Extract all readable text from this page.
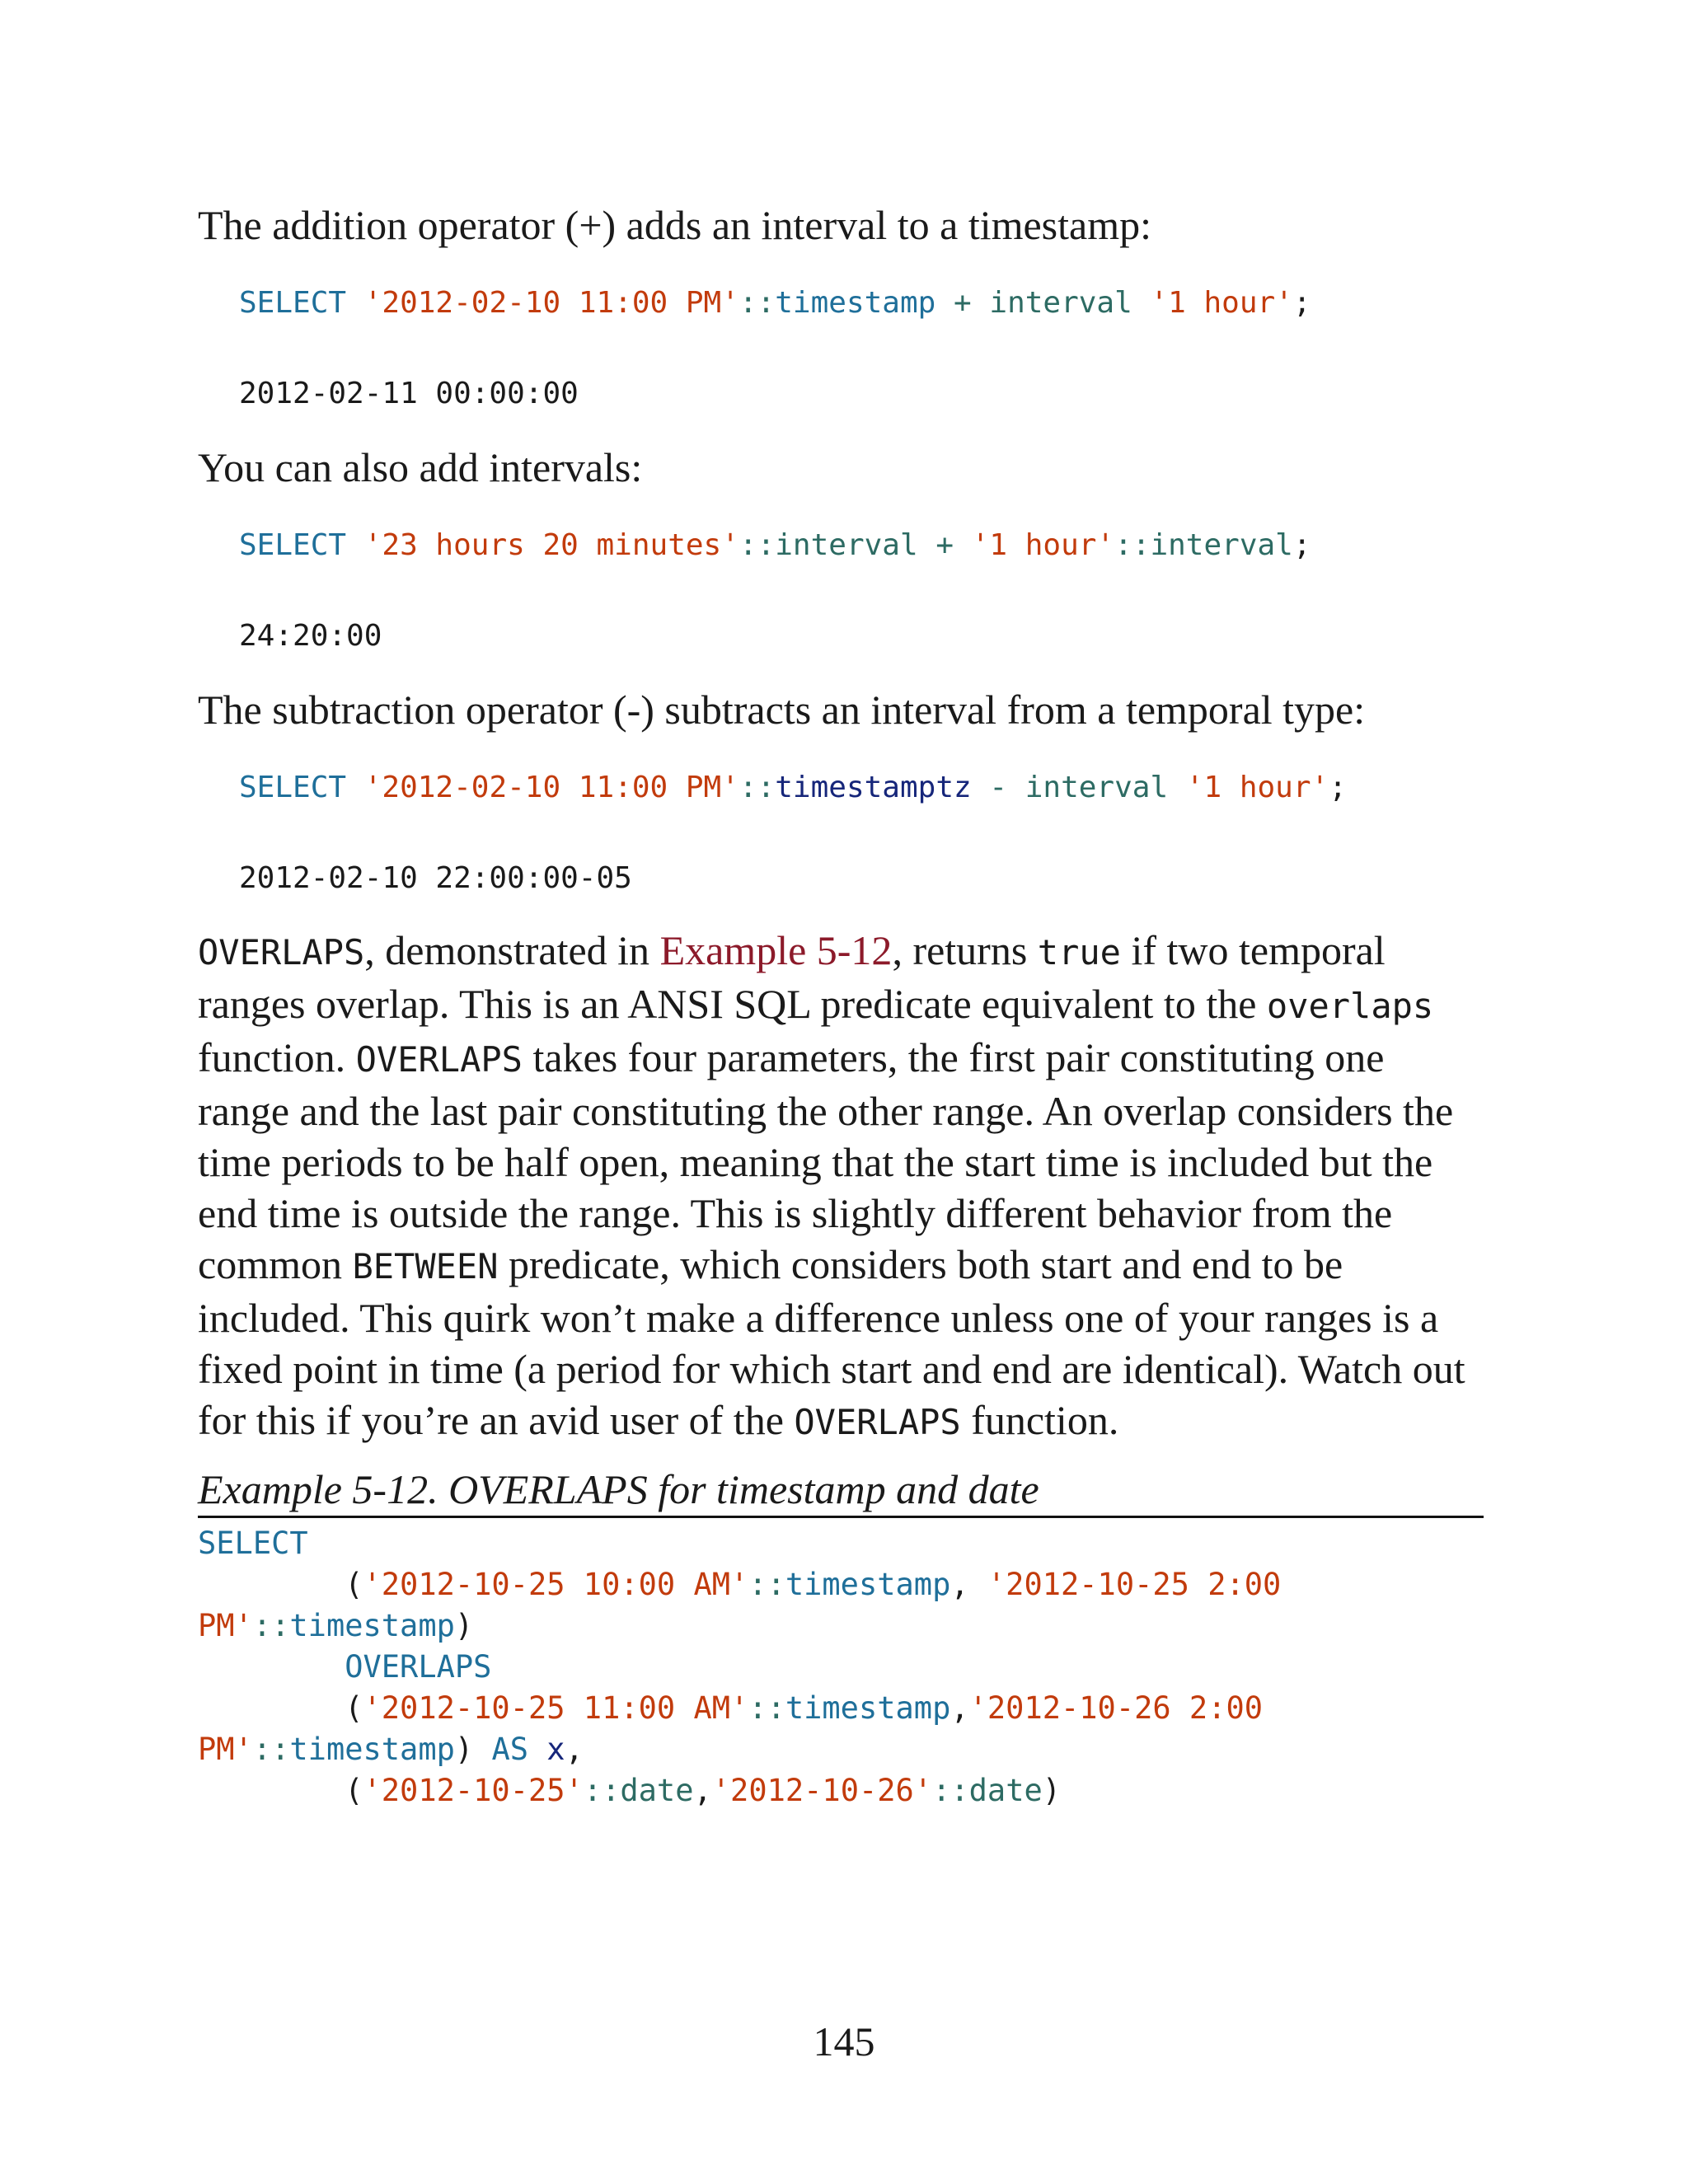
The addition operator (+) adds an interval to a timestamp:

SELECT '2012-02-10 11:00 PM'::timestamp + interval '1 hour';
2012-02-11 00:00:00

You can also add intervals:

SELECT '23 hours 20 minutes'::interval + '1 hour'::interval;
24:20:00

The subtraction operator (-) subtracts an interval from a temporal type:

SELECT '2012-02-10 11:00 PM'::timestamptz - interval '1 hour';
2012-02-10 22:00:00-05

OVERLAPS, demonstrated in Example 5-12, returns true if two temporal ranges overlap. This is an ANSI SQL predicate equivalent to the overlaps function. OVERLAPS takes four parameters, the first pair constituting one range and the last pair constituting the other range. An overlap considers the time periods to be half open, meaning that the start time is included but the end time is outside the range. This is slightly different behavior from the common BETWEEN predicate, which considers both start and end to be included. This quirk won’t make a difference unless one of your ranges is a fixed point in time (a period for which start and end are identical). Watch out for this if you’re an avid user of the OVERLAPS function.

Example 5-12. OVERLAPS for timestamp and date

SELECT
('2012-10-25 10:00 AM'::timestamp, '2012-10-25 2:00
PM'::timestamp)
OVERLAPS
('2012-10-25 11:00 AM'::timestamp,'2012-10-26 2:00
PM'::timestamp) AS x,
('2012-10-25'::date,'2012-10-26'::date)
145
